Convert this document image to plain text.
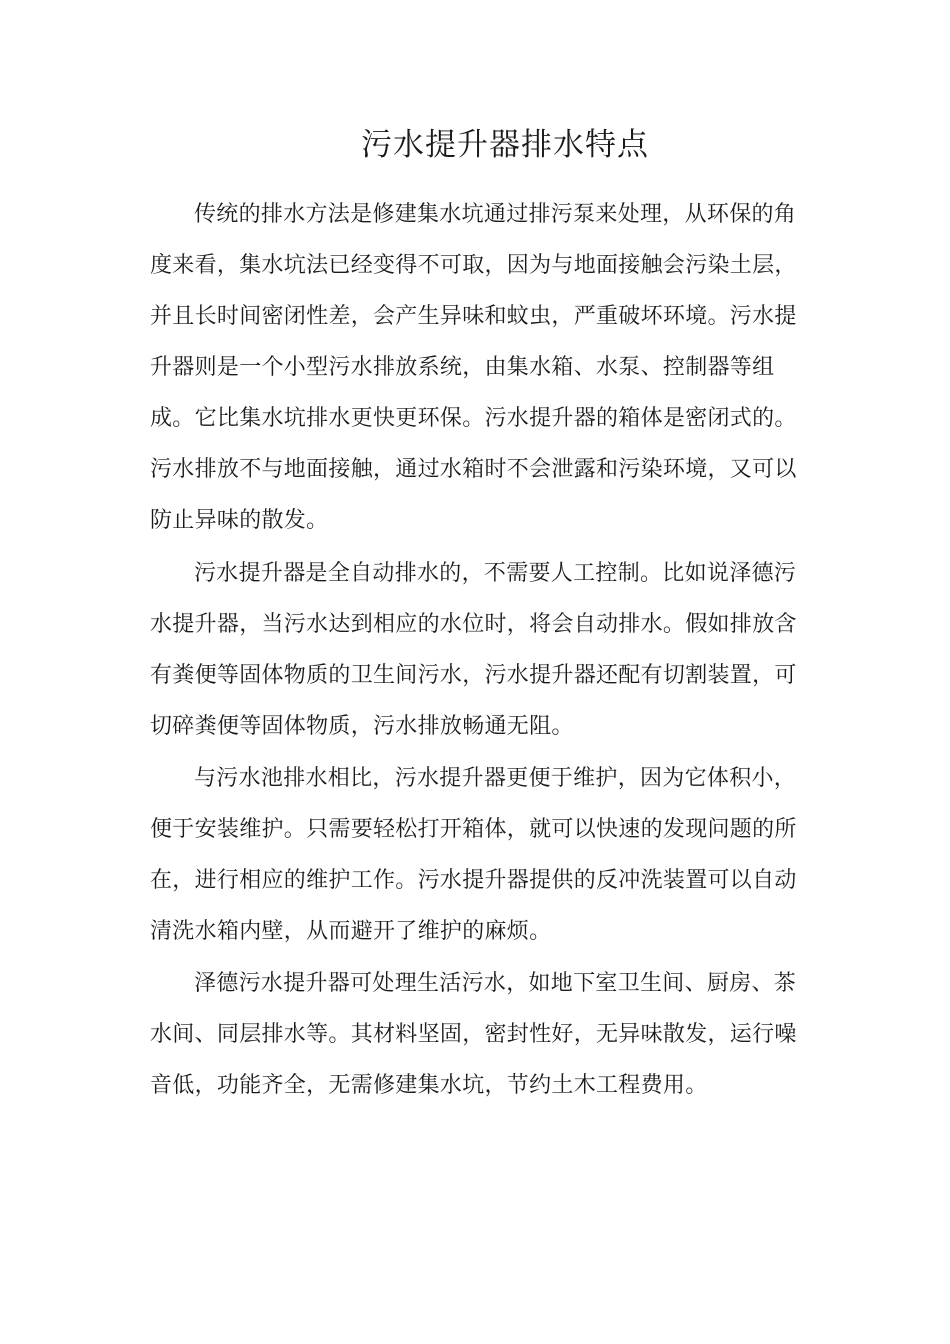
污水提升器排水特点
传统的排水方法是修建集水坑通过排污泵来处理，从环保的角
度来看，集水坑法已经变得不可取，因为与地面接触会污染土层，
并且长时间密闭性差，会产生异味和蚊虫，严重破坏环境。污水提
升器则是一个小型污水排放系统，由集水箱、水泵、控制器等组
成。它比集水坑排水更快更环保。污水提升器的箱体是密闭式的。
污水排放不与地面接触，通过水箱时不会泄露和污染环境，又可以
防止异味的散发。
污水提升器是全自动排水的，不需要人工控制。比如说泽德污
水提升器，当污水达到相应的水位时，将会自动排水。假如排放含
有粪便等固体物质的卫生间污水，污水提升器还配有切割装置，可
切碎粪便等固体物质，污水排放畅通无阻。
与污水池排水相比，污水提升器更便于维护，因为它体积小，
便于安装维护。只需要轻松打开箱体，就可以快速的发现问题的所
在，进行相应的维护工作。污水提升器提供的反冲洗装置可以自动
清洗水箱内壁，从而避开了维护的麻烦。
泽德污水提升器可处理生活污水，如地下室卫生间、厨房、茶
水间、同层排水等。其材料坚固，密封性好，无异味散发，运行噪
音低，功能齐全，无需修建集水坑，节约土木工程费用。
